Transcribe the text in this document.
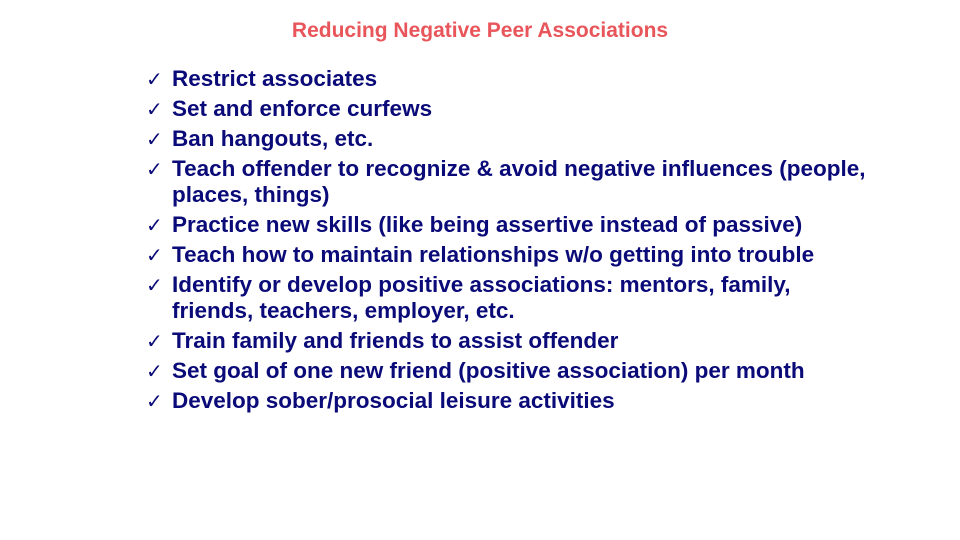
Reducing Negative Peer Associations
✓ Restrict associates
✓ Set and enforce curfews
✓ Ban hangouts, etc.
✓ Teach offender to recognize & avoid negative influences (people, places, things)
✓ Practice new skills (like being assertive instead of passive)
✓ Teach how to maintain relationships w/o getting into trouble
✓ Identify or develop positive associations: mentors, family, friends, teachers, employer, etc.
✓ Train family and friends to assist offender
✓ Set goal of one new friend (positive association) per month
✓ Develop sober/prosocial leisure activities
